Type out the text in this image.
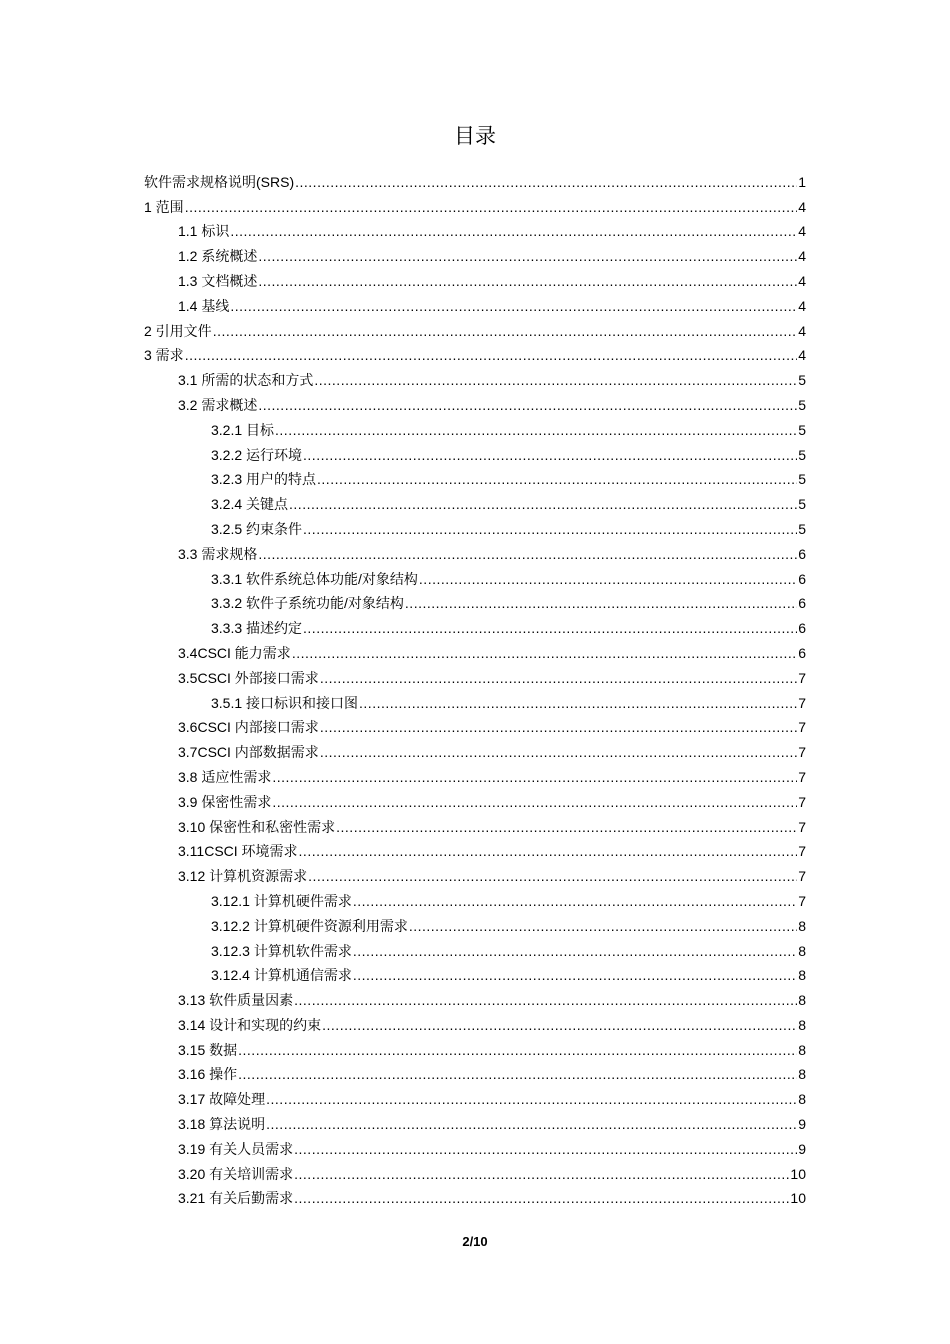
目录
软件需求规格说明(SRS) .....	1
1 范围 .....	4
1.1 标识 .....	4
1.2 系统概述 .....	4
1.3 文档概述 .....	4
1.4 基线 .....	4
2 引用文件 .....	4
3 需求 .....	4
3.1 所需的状态和方式 .....	5
3.2 需求概述 .....	5
3.2.1 目标 .....	5
3.2.2 运行环境 .....	5
3.2.3 用户的特点 .....	5
3.2.4 关键点 .....	5
3.2.5 约束条件 .....	5
3.3 需求规格 .....	6
3.3.1 软件系统总体功能/对象结构 .....	6
3.3.2 软件子系统功能/对象结构 .....	6
3.3.3 描述约定 .....	6
3.4CSCI 能力需求 .....	6
3.5CSCI 外部接口需求 .....	7
3.5.1 接口标识和接口图 .....	7
3.6CSCI 内部接口需求 .....	7
3.7CSCI 内部数据需求 .....	7
3.8 适应性需求 .....	7
3.9 保密性需求 .....	7
3.10 保密性和私密性需求 .....	7
3.11CSCI 环境需求 .....	7
3.12 计算机资源需求 .....	7
3.12.1 计算机硬件需求 .....	7
3.12.2 计算机硬件资源利用需求 .....	8
3.12.3 计算机软件需求 .....	8
3.12.4 计算机通信需求 .....	8
3.13 软件质量因素 .....	8
3.14 设计和实现的约束 .....	8
3.15 数据 .....	8
3.16 操作 .....	8
3.17 故障处理 .....	8
3.18 算法说明 .....	9
3.19 有关人员需求 .....	9
3.20 有关培训需求 .....	10
3.21 有关后勤需求 .....	10
2/10
